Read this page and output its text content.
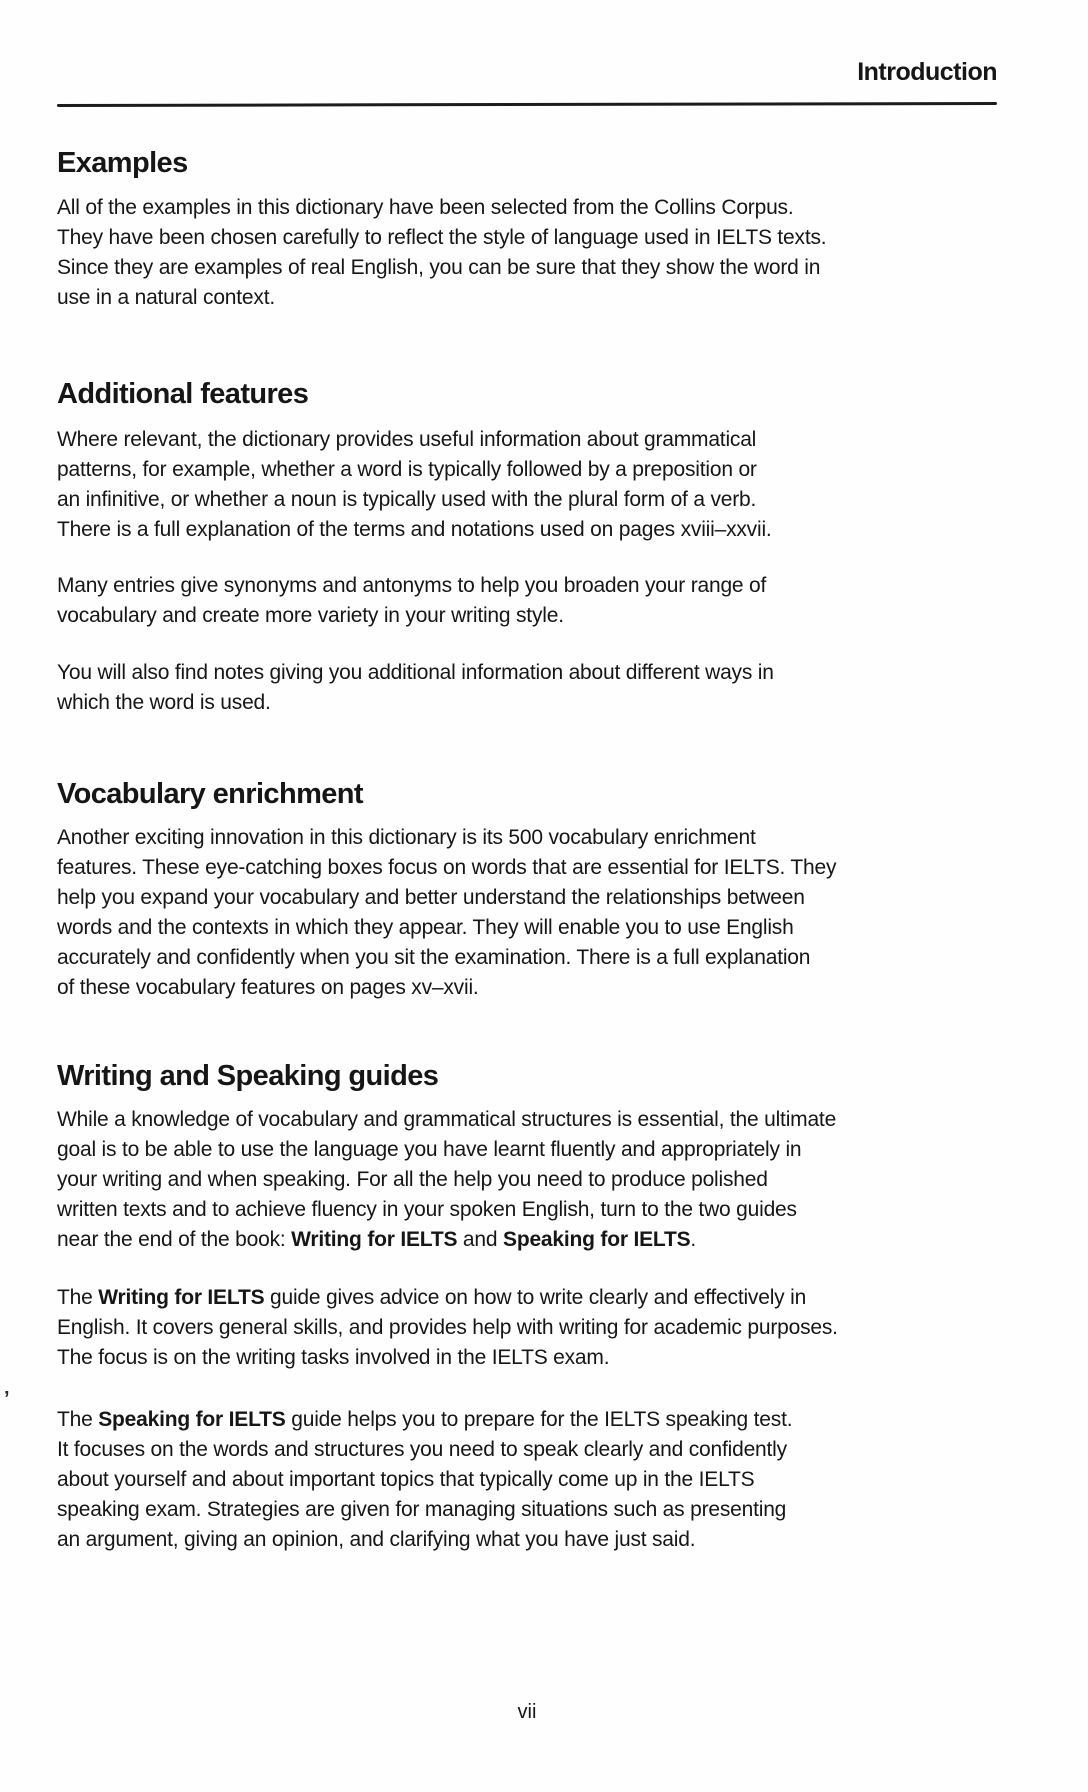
’
Introduction
Examples
All of the examples in this dictionary have been selected from the Collins Corpus.
They have been chosen carefully to reflect the style of language used in IELTS texts.
Since they are examples of real English, you can be sure that they show the word in
use in a natural context.
Additional features
Where relevant, the dictionary provides useful information about grammatical
patterns, for example, whether a word is typically followed by a preposition or
an infinitive, or whether a noun is typically used with the plural form of a verb.
There is a full explanation of the terms and notations used on pages xviii–xxvii.
Many entries give synonyms and antonyms to help you broaden your range of
vocabulary and create more variety in your writing style.
You will also find notes giving you additional information about different ways in
which the word is used.
Vocabulary enrichment
Another exciting innovation in this dictionary is its 500 vocabulary enrichment
features. These eye-catching boxes focus on words that are essential for IELTS. They
help you expand your vocabulary and better understand the relationships between
words and the contexts in which they appear. They will enable you to use English
accurately and confidently when you sit the examination. There is a full explanation
of these vocabulary features on pages xv–xvii.
Writing and Speaking guides
While a knowledge of vocabulary and grammatical structures is essential, the ultimate
goal is to be able to use the language you have learnt fluently and appropriately in
your writing and when speaking. For all the help you need to produce polished
written texts and to achieve fluency in your spoken English, turn to the two guides
near the end of the book: Writing for IELTS and Speaking for IELTS.
The Writing for IELTS guide gives advice on how to write clearly and effectively in
English. It covers general skills, and provides help with writing for academic purposes.
The focus is on the writing tasks involved in the IELTS exam.
The Speaking for IELTS guide helps you to prepare for the IELTS speaking test.
It focuses on the words and structures you need to speak clearly and confidently
about yourself and about important topics that typically come up in the IELTS
speaking exam. Strategies are given for managing situations such as presenting
an argument, giving an opinion, and clarifying what you have just said.
vii
